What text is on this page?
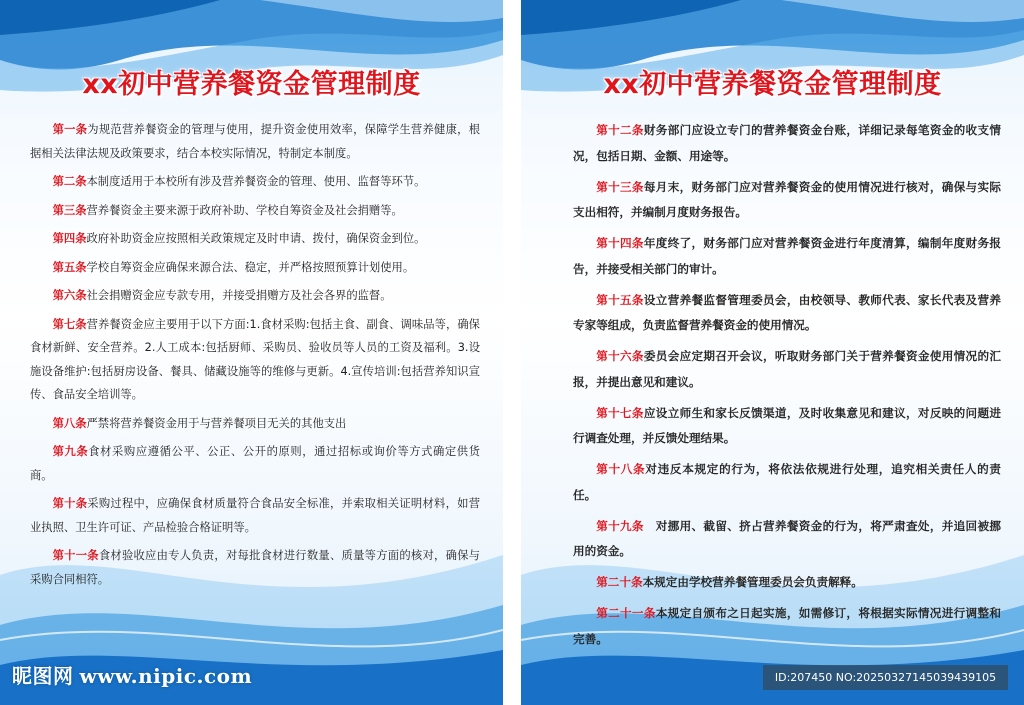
xx初中营养餐资金管理制度

第一条为规范营养餐资金的管理与使用，提升资金使用效率，保障学生营养健康，根据相关法律法规及政策要求，结合本校实际情况，特制定本制度。

第二条本制度适用于本校所有涉及营养餐资金的管理、使用、监督等环节。

第三条营养餐资金主要来源于政府补助、学校自筹资金及社会捐赠等。

第四条政府补助资金应按照相关政策规定及时申请、拨付，确保资金到位。

第五条学校自筹资金应确保来源合法、稳定，并严格按照预算计划使用。

第六条社会捐赠资金应专款专用，并接受捐赠方及社会各界的监督。

第七条营养餐资金应主要用于以下方面:1.食材采购:包括主食、副食、调味品等，确保食材新鲜、安全营养。2.人工成本:包括厨师、采购员、验收员等人员的工资及福利。3.设施设备维护:包括厨房设备、餐具、储藏设施等的维修与更新。4.宣传培训:包括营养知识宣传、食品安全培训等。

第八条严禁将营养餐资金用于与营养餐项目无关的其他支出

第九条食材采购应遵循公平、公正、公开的原则，通过招标或询价等方式确定供货商。

第十条采购过程中，应确保食材质量符合食品安全标准，并索取相关证明材料，如营业执照、卫生许可证、产品检验合格证明等。

第十一条食材验收应由专人负责，对每批食材进行数量、质量等方面的核对，确保与采购合同相符。

昵图网 www.nipic.com
xx初中营养餐资金管理制度

第十二条财务部门应设立专门的营养餐资金台账，详细记录每笔资金的收支情况，包括日期、金额、用途等。

第十三条每月末，财务部门应对营养餐资金的使用情况进行核对，确保与实际支出相符，并编制月度财务报告。

第十四条年度终了，财务部门应对营养餐资金进行年度清算，编制年度财务报告，并接受相关部门的审计。

第十五条设立营养餐监督管理委员会，由校领导、教师代表、家长代表及营养专家等组成，负责监督营养餐资金的使用情况。

第十六条委员会应定期召开会议，听取财务部门关于营养餐资金使用情况的汇报，并提出意见和建议。

第十七条应设立师生和家长反馈渠道，及时收集意见和建议，对反映的问题进行调查处理，并反馈处理结果。

第十八条对违反本规定的行为，将依法依规进行处理，追究相关责任人的责任。

第十九条　对挪用、截留、挤占营养餐资金的行为，将严肃查处，并追回被挪用的资金。

第二十条本规定由学校营养餐管理委员会负责解释。

第二十一条本规定自颁布之日起实施，如需修订，将根据实际情况进行调整和完善。

ID:207450 NO:20250327145039439105
